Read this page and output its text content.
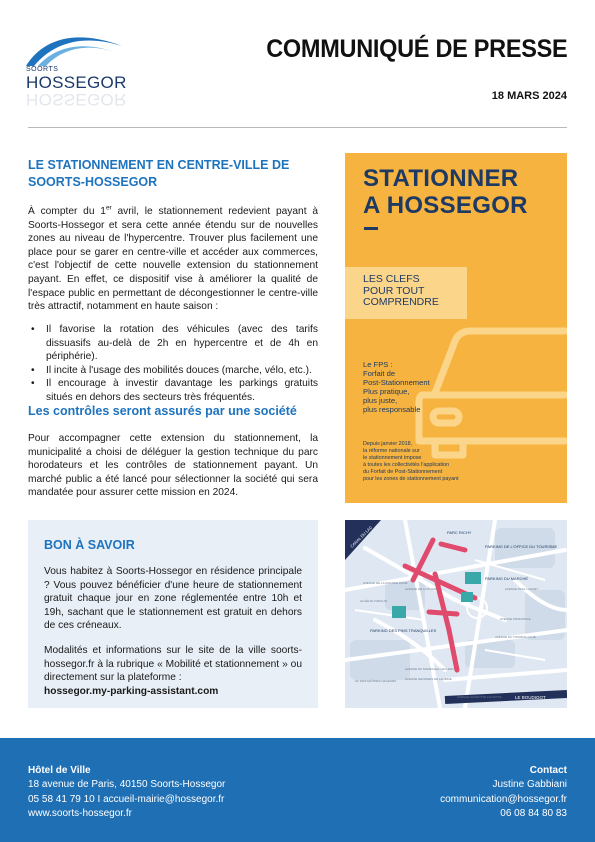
SOORTS
HOSSEGOR
HOSSEGOR
COMMUNIQUÉ DE PRESSE
18 MARS 2024
LE STATIONNEMENT EN CENTRE-VILLE DE SOORTS-HOSSEGOR
À compter du 1er avril, le stationnement redevient payant à Soorts-Hossegor et sera cette année étendu sur de nouvelles zones au niveau de l'hypercentre. Trouver plus facilement une place pour se garer en centre-ville et accéder aux commerces, c'est l'objectif de cette nouvelle extension du stationnement payant. En effet, ce dispositif vise à améliorer la qualité de l'espace public en permettant de décongestionner le centre-ville très attractif, notamment en haute saison :
• Il favorise la rotation des véhicules (avec des tarifs dissuasifs au-delà de 2h en hypercentre et de 4h en périphérie).
• Il incite à l'usage des mobilités douces (marche, vélo, etc.).
• Il encourage à investir davantage les parkings gratuits situés en dehors des secteurs très fréquentés.
Les contrôles seront assurés par une société
Pour accompagner cette extension du stationnement, la municipalité a choisi de déléguer la gestion technique du parc horodateurs et les contrôles de stationnement payant. Un marché public a été lancé pour sélectionner la société qui sera mandatée pour assurer cette mission en 2024.
BON À SAVOIR
Vous habitez à Soorts-Hossegor en résidence principale ? Vous pouvez bénéficier d'une heure de stationnement gratuit chaque jour en zone réglementée entre 10h et 19h, sachant que le stationnement est gratuit en dehors de ces créneaux.
Modalités et informations sur le site de la ville soorts-hossegor.fr à la rubrique « Mobilité et stationnement » ou directement sur la plateforme :
hossegor.my-parking-assistant.com
STATIONNER
A HOSSEGOR
LES CLEFS
POUR TOUT
COMPRENDRE
Le FPS :
Forfait de
Post-Stationnement
Plus pratique,
plus juste,
plus responsable
Depuis janvier 2018,
la réforme nationale sur
le stationnement impose
à toutes les collectivités l'application
du Forfait de Post-Stationnement
pour les zones de stationnement payant
CANAL DU LAC	PARC RICHY
PARKING DE L'OFFICE DU TOURISME
PARKING DU MARCHÉ
PARKING DES PINS TRANQUILLES
LE BOUDIGOT
AVENUE DU MARÉCHAL LECLERC
AVENUE DU TOURING CLUB
AVENUE DE LA GRANDE DUNE
AVENUE DE LA PLAGE	AVENUE PAUL LAHARY
AV. DES MAÎTRES NAGEURS	AVENUE GEORGES DE LAUBRIE
AVENUE PRINCIPALE
ALLÉE DU MOULIN
AVENUE SAUBOTTE LACIOTTE
Hôtel de Ville
18 avenue de Paris, 40150 Soorts-Hossegor
05 58 41 79 10 I accueil-mairie@hossegor.fr
www.soorts-hossegor.fr
Contact
Justine Gabbiani
communication@hossegor.fr
06 08 84 80 83
